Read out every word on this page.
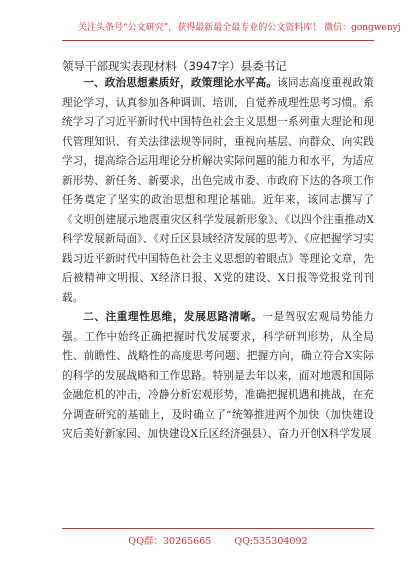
关注头条号“公文研究”，获得最新最全最专业的公文资料库！ 微信：gongwenyj
领导干部现实表现材料（3947字）县委书记

一、政治思想素质好，政策理论水平高。该同志高度重视政策理论学习，认真参加各种调训、培训，自觉养成理性思考习惯。系统学习了习近平新时代中国特色社会主义思想一系列重大理论和现代管理知识、有关法律法规等同时，重视向基层、向群众、向实践学习，提高综合运用理论分析解决实际问题的能力和水平，为适应新形势、新任务、新要求，出色完成市委、市政府下达的各项工作任务奠定了坚实的政治思想和理论基础。近年来，该同志撰写了《文明创建展示地震重灾区科学发展新形象》、《以四个注重推动X科学发展新局面》、《对丘区县域经济发展的思考》、《应把握学习实践习近平新时代中国特色社会主义思想的着眼点》等理论文章，先后被精神文明报、X经济日报、X党的建设、X日报等党报党刊刊载。

二、注重理性思维，发展思路清晰。一是驾驭宏观局势能力强。工作中始终正确把握时代发展要求，科学研判形势，从全局性、前瞻性、战略性的高度思考问题、把握方向，确立符合X实际的科学的发展战略和工作思路。特别是去年以来，面对地震和国际金融危机的冲击，冷静分析宏观形势，准确把握机遇和挑战，在充分调查研究的基础上，及时确立了“统筹推进两个加快（加快建设灾后美好新家园、加快建设X丘区经济强县）、奋力开创X科学发展

QQ群：30265665 QQ:535304092
